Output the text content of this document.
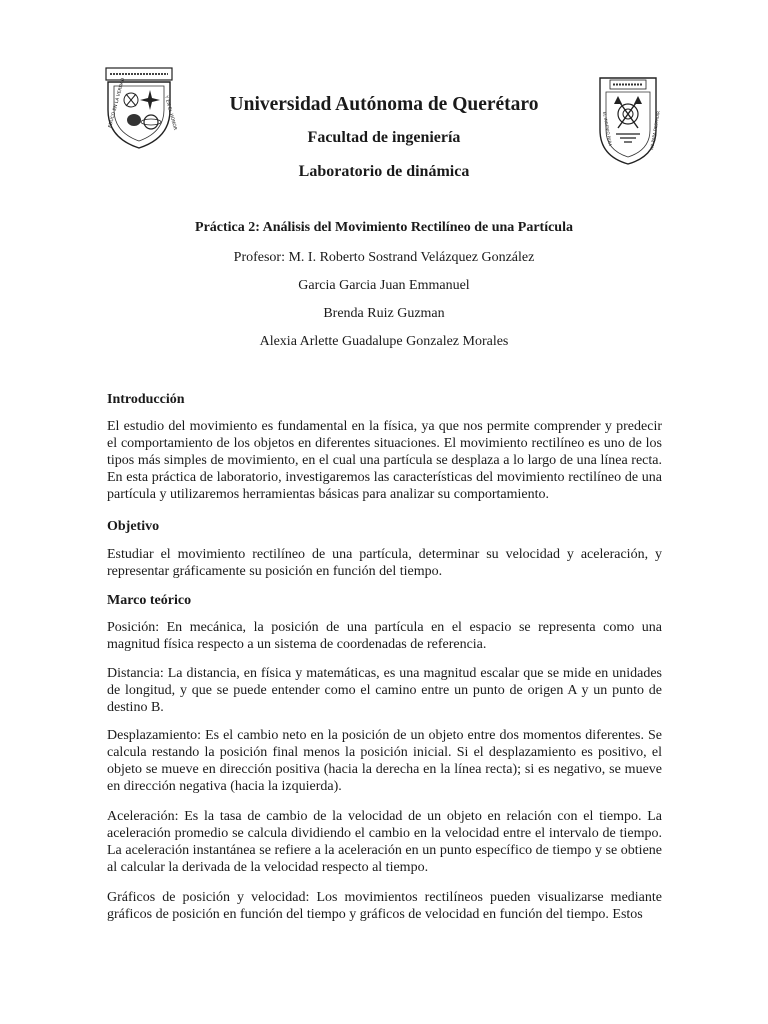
EDUCO EN LA VERDAD	Y EN EL HONOR	EL INGENIO PARA	NO PARA DESTRUIR

Universidad Autónoma de Querétaro

Facultad de ingeniería

Laboratorio de dinámica

Práctica 2: Análisis del Movimiento Rectilíneo de una Partícula
Profesor: M. I. Roberto Sostrand Velázquez González
Garcia Garcia Juan Emmanuel
Brenda Ruiz Guzman
Alexia Arlette Guadalupe Gonzalez Morales

Introducción

El estudio del movimiento es fundamental en la física, ya que nos permite comprender y predecir el comportamiento de los objetos en diferentes situaciones. El movimiento rectilíneo es uno de los tipos más simples de movimiento, en el cual una partícula se desplaza a lo largo de una línea recta. En esta práctica de laboratorio, investigaremos las características del movimiento rectilíneo de una partícula y utilizaremos herramientas básicas para analizar su comportamiento.

Objetivo

Estudiar el movimiento rectilíneo de una partícula, determinar su velocidad y aceleración, y representar gráficamente su posición en función del tiempo.

Marco teórico

Posición: En mecánica, la posición de una partícula en el espacio se representa como una magnitud física respecto a un sistema de coordenadas de referencia.

Distancia: La distancia, en física y matemáticas, es una magnitud escalar que se mide en unidades de longitud, y que se puede entender como el camino entre un punto de origen A y un punto de destino B.

Desplazamiento: Es el cambio neto en la posición de un objeto entre dos momentos diferentes. Se calcula restando la posición final menos la posición inicial. Si el desplazamiento es positivo, el objeto se mueve en dirección positiva (hacia la derecha en la línea recta); si es negativo, se mueve en dirección negativa (hacia la izquierda).

Aceleración: Es la tasa de cambio de la velocidad de un objeto en relación con el tiempo. La aceleración promedio se calcula dividiendo el cambio en la velocidad entre el intervalo de tiempo. La aceleración instantánea se refiere a la aceleración en un punto específico de tiempo y se obtiene al calcular la derivada de la velocidad respecto al tiempo.

Gráficos de posición y velocidad: Los movimientos rectilíneos pueden visualizarse mediante gráficos de posición en función del tiempo y gráficos de velocidad en función del tiempo. Estos
